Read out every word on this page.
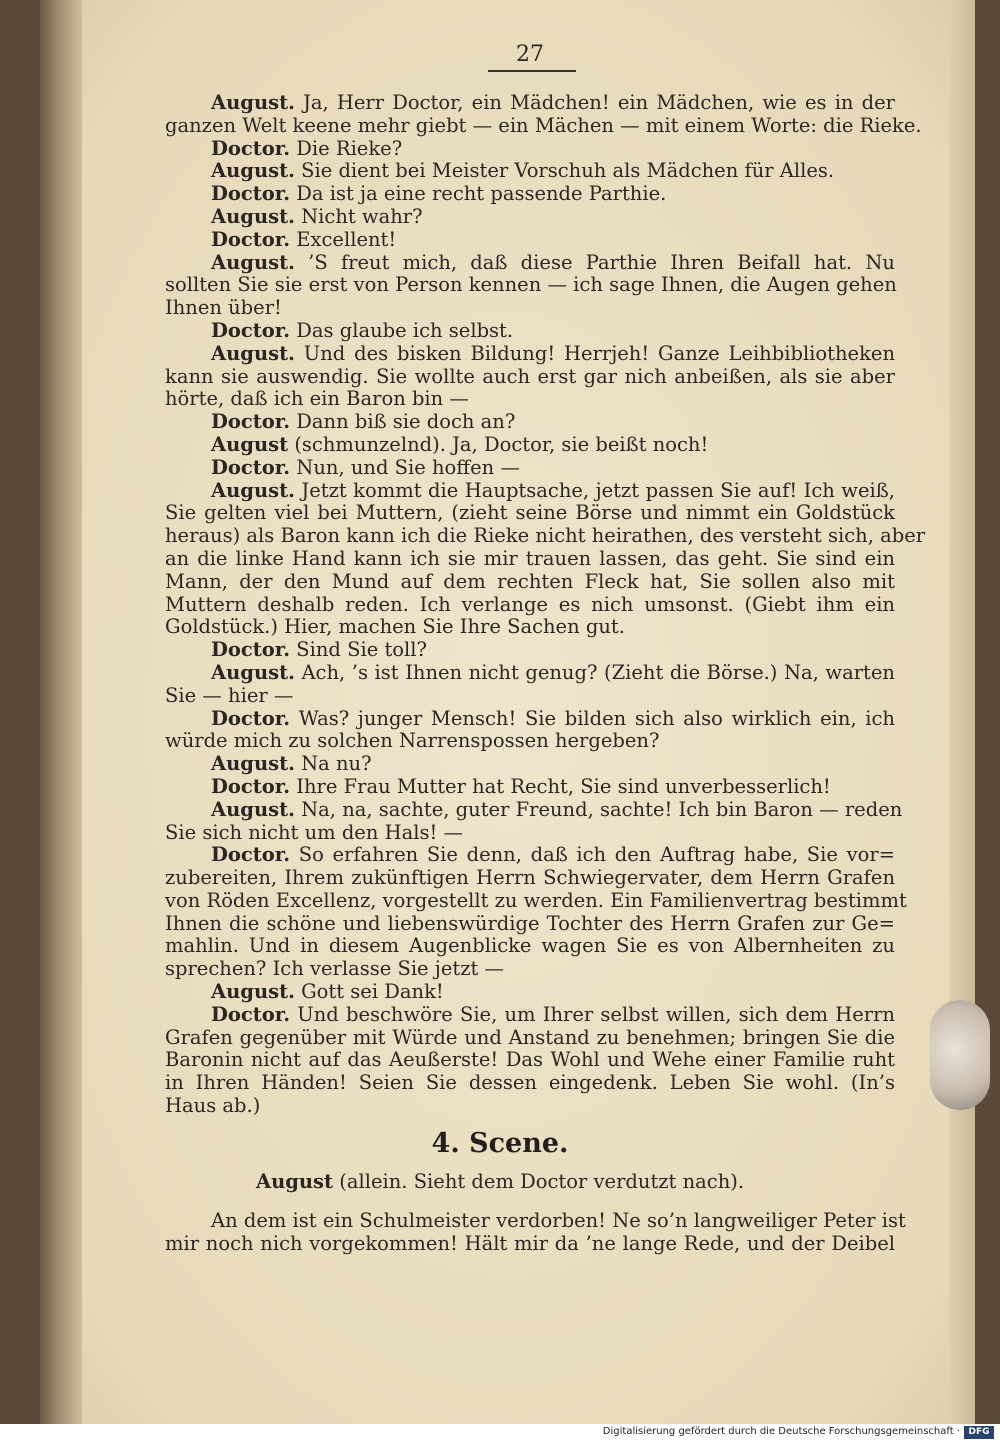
27
August. Ja, Herr Doctor, ein Mädchen! ein Mädchen, wie es in der
ganzen Welt keene mehr giebt — ein Mächen — mit einem Worte: die Rieke.
Doctor. Die Rieke?
August. Sie dient bei Meister Vorschuh als Mädchen für Alles.
Doctor. Da ist ja eine recht passende Parthie.
August. Nicht wahr?
Doctor. Excellent!
August. ’S freut mich, daß diese Parthie Ihren Beifall hat. Nu
sollten Sie sie erst von Person kennen — ich sage Ihnen, die Augen gehen
Ihnen über!
Doctor. Das glaube ich selbst.
August. Und des bisken Bildung! Herrjeh! Ganze Leihbibliotheken
kann sie auswendig. Sie wollte auch erst gar nich anbeißen, als sie aber
hörte, daß ich ein Baron bin —
Doctor. Dann biß sie doch an?
August (schmunzelnd). Ja, Doctor, sie beißt noch!
Doctor. Nun, und Sie hoffen —
August. Jetzt kommt die Hauptsache, jetzt passen Sie auf! Ich weiß,
Sie gelten viel bei Muttern, (zieht seine Börse und nimmt ein Goldstück
heraus) als Baron kann ich die Rieke nicht heirathen, des versteht sich, aber
an die linke Hand kann ich sie mir trauen lassen, das geht. Sie sind ein
Mann, der den Mund auf dem rechten Fleck hat, Sie sollen also mit
Muttern deshalb reden. Ich verlange es nich umsonst. (Giebt ihm ein
Goldstück.) Hier, machen Sie Ihre Sachen gut.
Doctor. Sind Sie toll?
August. Ach, ’s ist Ihnen nicht genug? (Zieht die Börse.) Na, warten
Sie — hier —
Doctor. Was? junger Mensch! Sie bilden sich also wirklich ein, ich
würde mich zu solchen Narrenspossen hergeben?
August. Na nu?
Doctor. Ihre Frau Mutter hat Recht, Sie sind unverbesserlich!
August. Na, na, sachte, guter Freund, sachte! Ich bin Baron — reden
Sie sich nicht um den Hals! —
Doctor. So erfahren Sie denn, daß ich den Auftrag habe, Sie vor=
zubereiten, Ihrem zukünftigen Herrn Schwiegervater, dem Herrn Grafen
von Röden Excellenz, vorgestellt zu werden. Ein Familienvertrag bestimmt
Ihnen die schöne und liebenswürdige Tochter des Herrn Grafen zur Ge=
mahlin. Und in diesem Augenblicke wagen Sie es von Albernheiten zu
sprechen? Ich verlasse Sie jetzt —
August. Gott sei Dank!
Doctor. Und beschwöre Sie, um Ihrer selbst willen, sich dem Herrn
Grafen gegenüber mit Würde und Anstand zu benehmen; bringen Sie die
Baronin nicht auf das Aeußerste! Das Wohl und Wehe einer Familie ruht
in Ihren Händen! Seien Sie dessen eingedenk. Leben Sie wohl. (In’s
Haus ab.)
4. Scene.
August (allein. Sieht dem Doctor verdutzt nach).
An dem ist ein Schulmeister verdorben! Ne so’n langweiliger Peter ist
mir noch nich vorgekommen! Hält mir da ’ne lange Rede, und der Deibel
Digitalisierung gefördert durch die Deutsche Forschungsgemeinschaft · DFG
